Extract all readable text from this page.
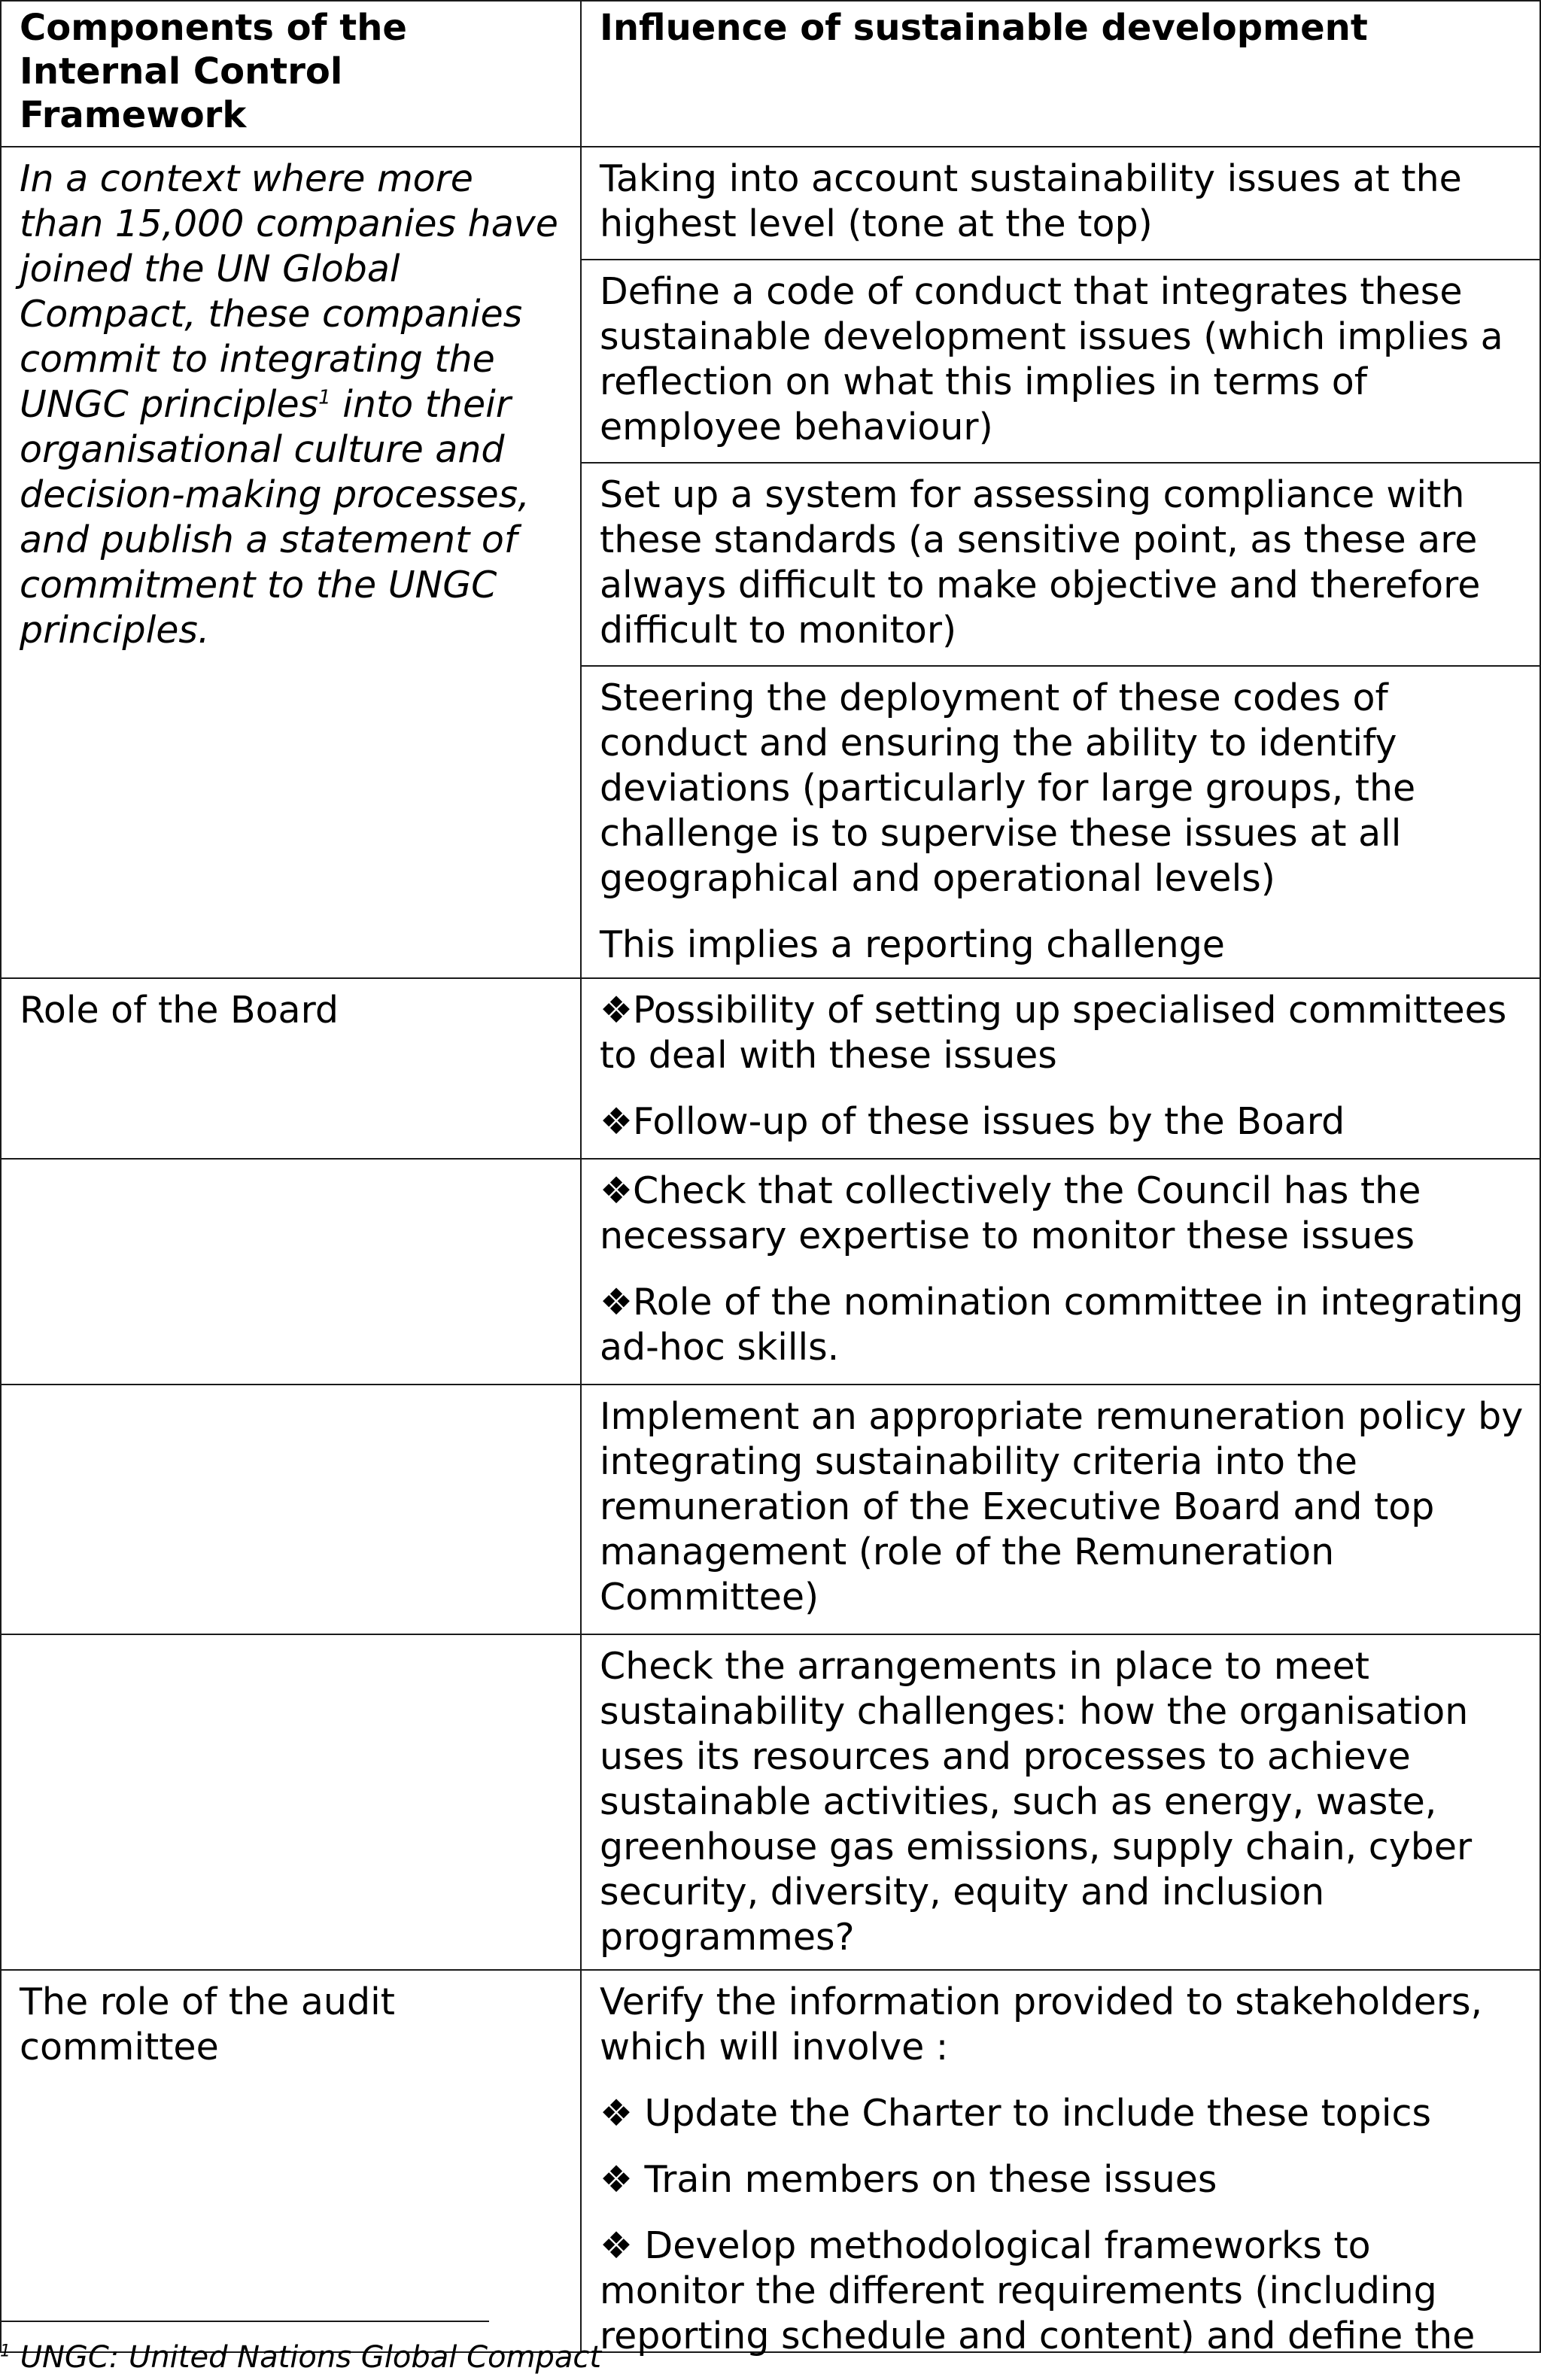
Components of the Internal Control Framework	Influence of sustainable development
In a context where more than 15,000 companies have joined the UN Global Compact, these companies commit to integrating the UNGC principles$^1$ into their organisational culture and decision-making processes, and publish a statement of commitment to the UNGC principles.	Taking into account sustainability issues at the highest level (tone at the top)
	Define a code of conduct that integrates these sustainable development issues (which implies a reflection on what this implies in terms of employee behaviour)
	Set up a system for assessing compliance with these standards (a sensitive point, as these are always difficult to make objective and therefore difficult to monitor)

	Steering the deployment of these codes of conduct and ensuring the ability to identify deviations (particularly for large groups, the challenge is to supervise these issues at all geographical and operational levels)

This implies a reporting challenge

Role of the Board	❖ Possibility of setting up specialised committees to deal with these issues

❖ Follow-up of these issues by the Board

	❖ Check that collectively the Council has the necessary expertise to monitor these issues

❖ Role of the nomination committee in integrating ad-hoc skills.

	Implement an appropriate remuneration policy by integrating sustainability criteria into the remuneration of the Executive Board and top management (role of the Remuneration Committee)
	Check the arrangements in place to meet sustainability challenges: how the organisation uses its resources and processes to achieve sustainable activities, such as energy, waste, greenhouse gas emissions, supply chain, cyber security, diversity, equity and inclusion programmes?
The role of the audit committee	Verify the information provided to stakeholders, which will involve :

❖ Update the Charter to include these topics

❖ Train members on these issues

❖ Develop methodological frameworks to monitor the different requirements (including reporting schedule and content) and define the

$^1$ UNGC: United Nations Global Compact
